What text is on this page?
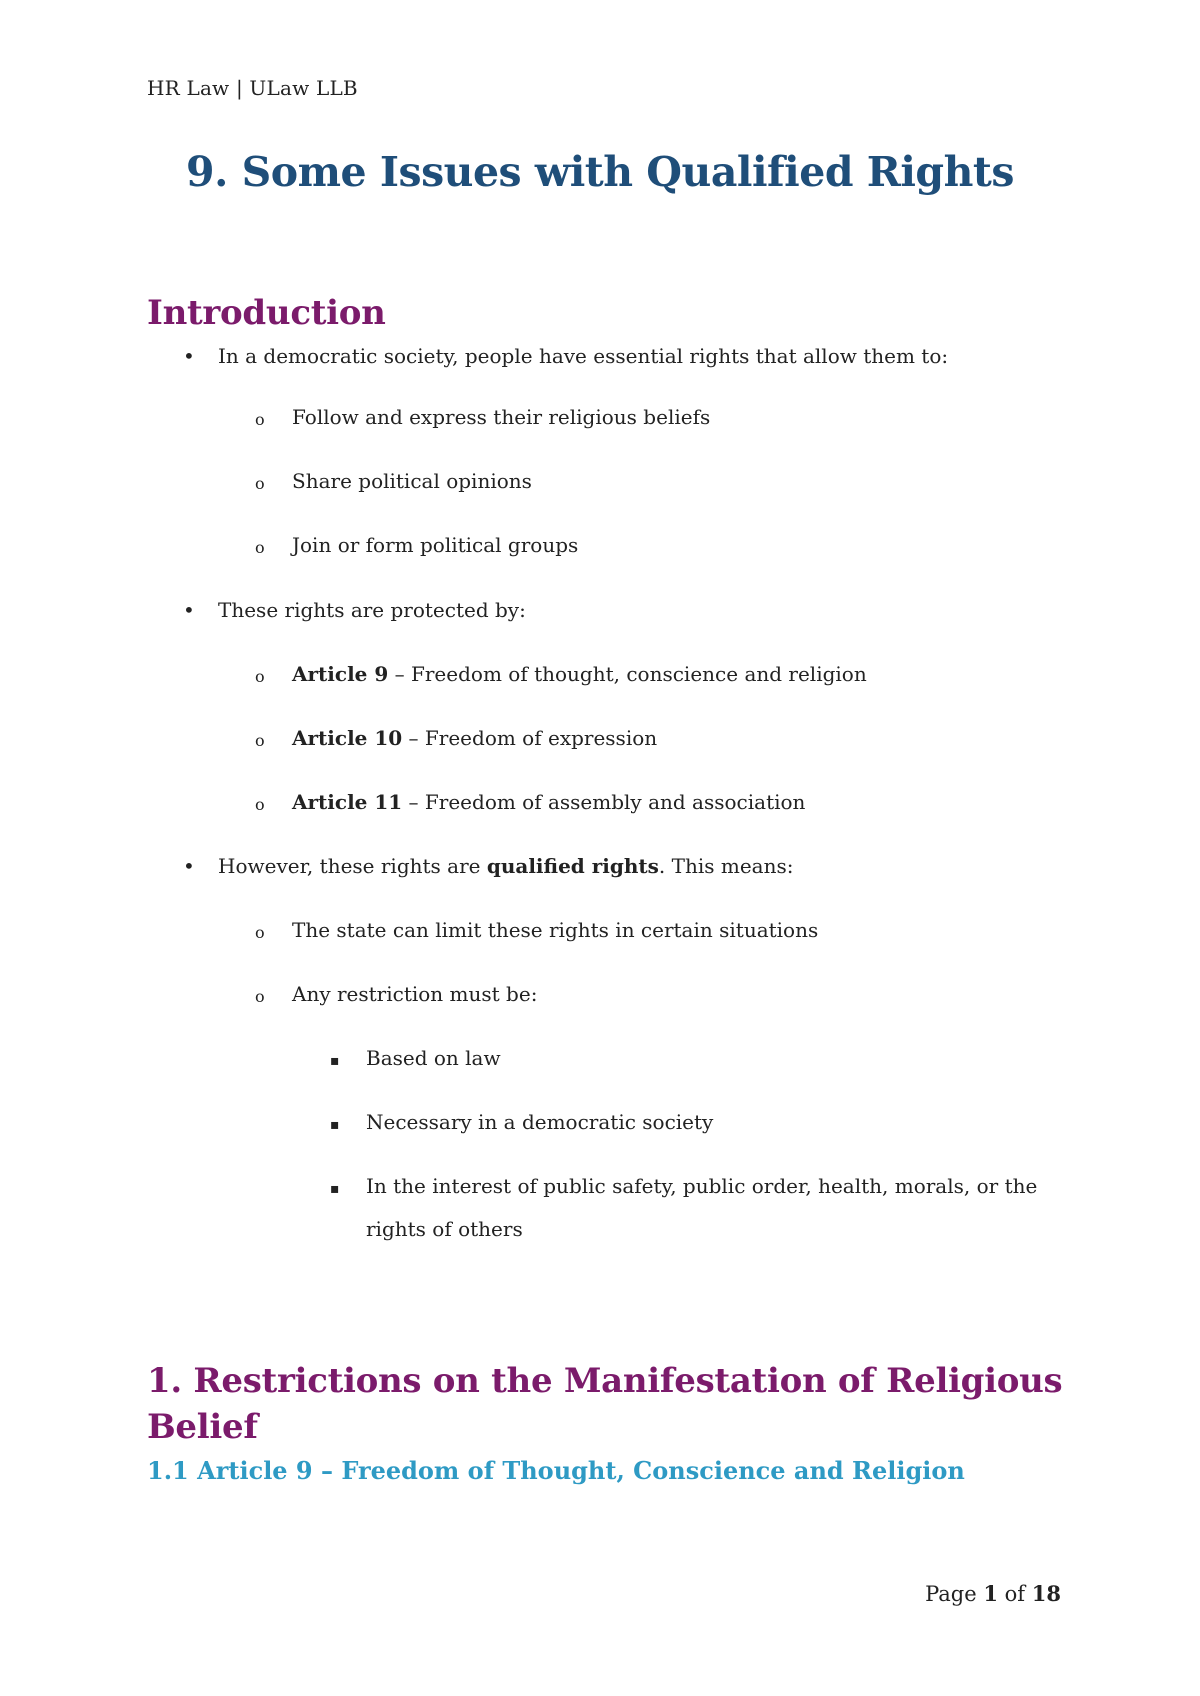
HR Law | ULaw LLB
9. Some Issues with Qualified Rights
Introduction
• In a democratic society, people have essential rights that allow them to:
o Follow and express their religious beliefs
o Share political opinions
o Join or form political groups
• These rights are protected by:
o Article 9 – Freedom of thought, conscience and religion
o Article 10 – Freedom of expression
o Article 11 – Freedom of assembly and association
• However, these rights are qualified rights. This means:
o The state can limit these rights in certain situations
o Any restriction must be:
▪ Based on law
▪ Necessary in a democratic society
▪ In the interest of public safety, public order, health, morals, or the
rights of others
1. Restrictions on the Manifestation of Religious
Belief
1.1 Article 9 – Freedom of Thought, Conscience and Religion
Page 1 of 18
